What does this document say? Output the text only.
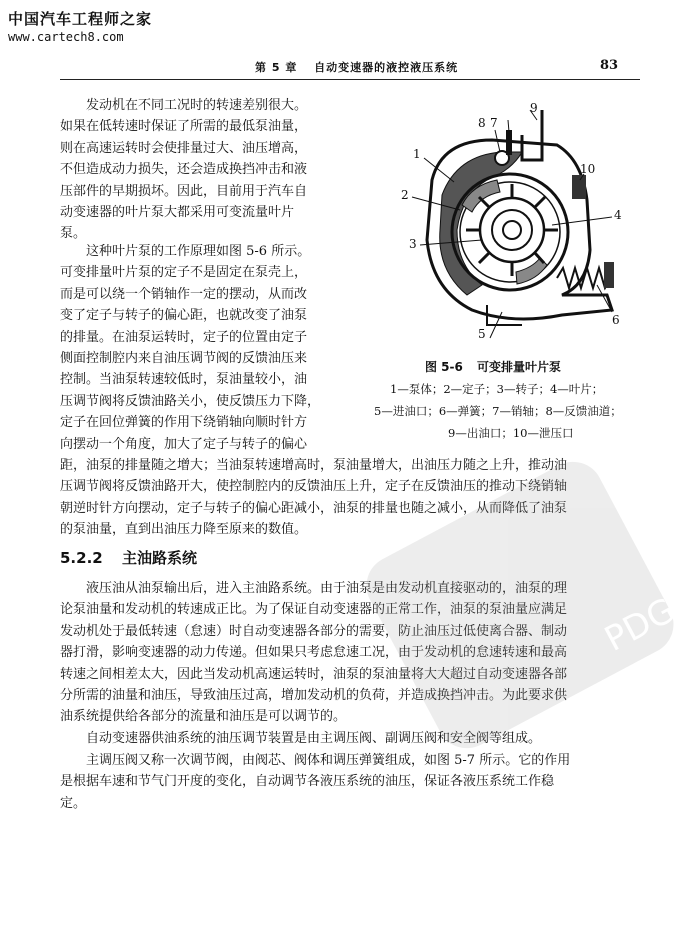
中国汽车工程师之家
www.cartech8.com
第 5 章　 自动变速器的液控液压系统	83
发动机在不同工况时的转速差别很大。
如果在低转速时保证了所需的最低泵油量，
则在高速运转时会使排量过大、油压增高，
不但造成动力损失，还会造成换挡冲击和液
压部件的早期损坏。因此，目前用于汽车自
动变速器的叶片泵大都采用可变流量叶片
泵。
这种叶片泵的工作原理如图 5-6 所示。
可变排量叶片泵的定子不是固定在泵壳上，
而是可以绕一个销轴作一定的摆动，从而改
变了定子与转子的偏心距，也就改变了油泵
的排量。在油泵运转时，定子的位置由定子
侧面控制腔内来自油压调节阀的反馈油压来
控制。当油泵转速较低时，泵油量较小，油
压调节阀将反馈油路关小，使反馈压力下降，
定子在回位弹簧的作用下绕销轴向顺时针方
向摆动一个角度，加大了定子与转子的偏心
距，油泵的排量随之增大；当油泵转速增高时，泵油量增大，出油压力随之上升，推动油
压调节阀将反馈油路开大，使控制腔内的反馈油压上升，定子在反馈油压的推动下绕销轴
朝逆时针方向摆动，定子与转子的偏心距减小，油泵的排量也随之减小，从而降低了油泵
的泵油量，直到出油压力降至原来的数值。
1
2
3
4
5
6
7
8
9
10
图 5-6 可变排量叶片泵
1—泵体；2—定子；3—转子；4—叶片；
5—进油口；6—弹簧；7—销轴；8—反馈油道；
9—出油口；10—泄压口
5.2.2 主油路系统
液压油从油泵输出后，进入主油路系统。由于油泵是由发动机直接驱动的，油泵的理
论泵油量和发动机的转速成正比。为了保证自动变速器的正常工作，油泵的泵油量应满足
发动机处于最低转速（怠速）时自动变速器各部分的需要，防止油压过低使离合器、制动
器打滑，影响变速器的动力传递。但如果只考虑怠速工况，由于发动机的怠速转速和最高
转速之间相差太大，因此当发动机高速运转时，油泵的泵油量将大大超过自动变速器各部
分所需的油量和油压，导致油压过高，增加发动机的负荷，并造成换挡冲击。为此要求供
油系统提供给各部分的流量和油压是可以调节的。
自动变速器供油系统的油压调节装置是由主调压阀、副调压阀和安全阀等组成。
主调压阀又称一次调节阀，由阀芯、阀体和调压弹簧组成，如图 5-7 所示。它的作用
是根据车速和节气门开度的变化，自动调节各液压系统的油压，保证各液压系统工作稳
定。
PDG
